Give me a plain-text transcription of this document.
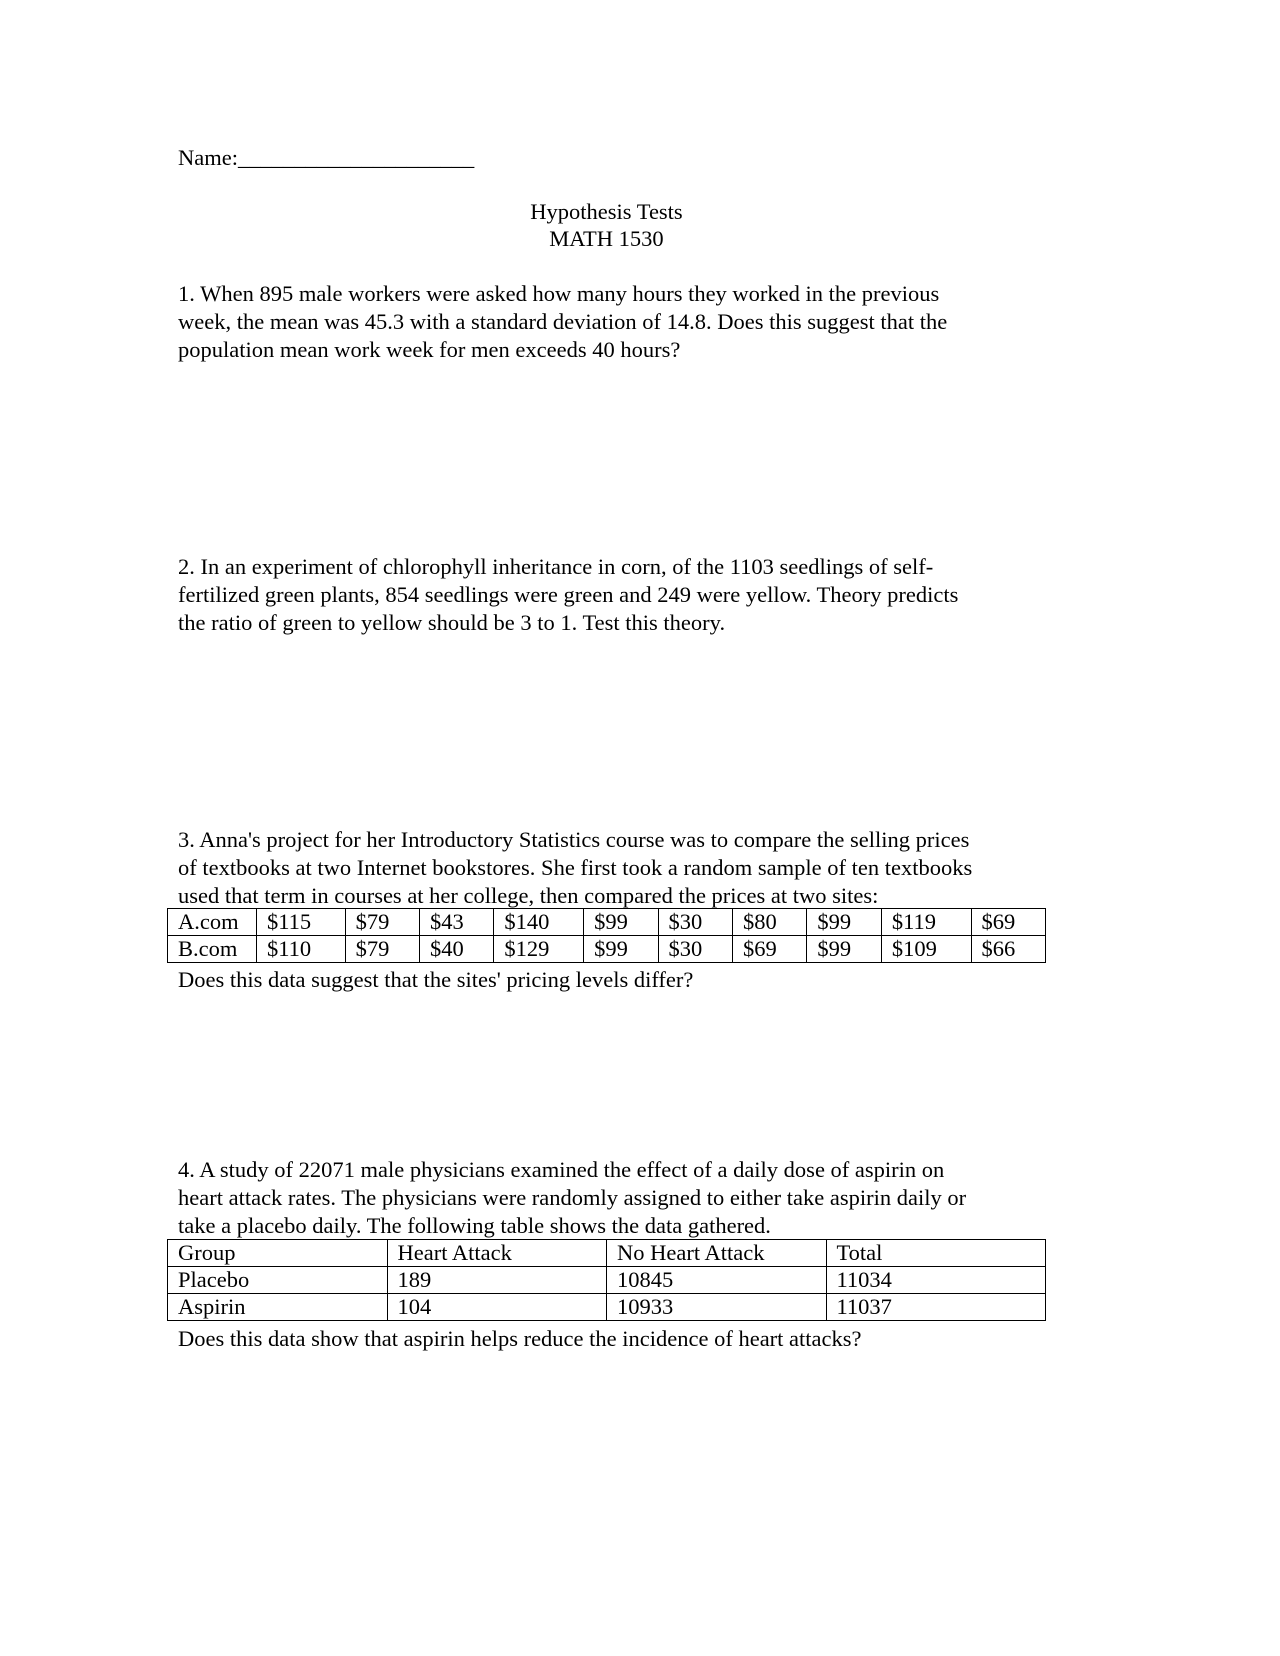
Name:_____________________
Hypothesis Tests
MATH 1530
1. When 895 male workers were asked how many hours they worked in the previous
week, the mean was 45.3 with a standard deviation of 14.8. Does this suggest that the
population mean work week for men exceeds 40 hours?
2. In an experiment of chlorophyll inheritance in corn, of the 1103 seedlings of self-
fertilized green plants, 854 seedlings were green and 249 were yellow. Theory predicts
the ratio of green to yellow should be 3 to 1. Test this theory.
3. Anna's project for her Introductory Statistics course was to compare the selling prices
of textbooks at two Internet bookstores. She first took a random sample of ten textbooks
used that term in courses at her college, then compared the prices at two sites:
A.com	$115	$79	$43	$140	$99	$30	$80	$99	$119	$69
B.com	$110	$79	$40	$129	$99	$30	$69	$99	$109	$66
Does this data suggest that the sites' pricing levels differ?
4. A study of 22071 male physicians examined the effect of a daily dose of aspirin on
heart attack rates. The physicians were randomly assigned to either take aspirin daily or
take a placebo daily. The following table shows the data gathered.
Group	Heart Attack	No Heart Attack	Total
Placebo	189	10845	11034
Aspirin	104	10933	11037
Does this data show that aspirin helps reduce the incidence of heart attacks?
